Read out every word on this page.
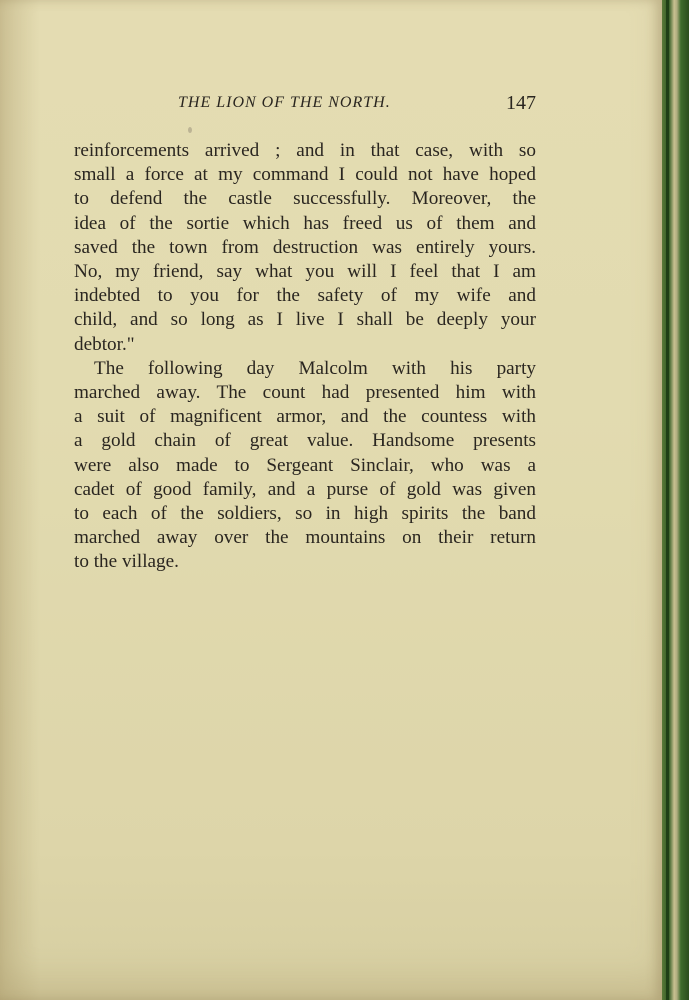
THE LION OF THE NORTH.	147
reinforcements arrived ; and in that case, with so
small a force at my command I could not have hoped
to defend the castle successfully. Moreover, the
idea of the sortie which has freed us of them and
saved the town from destruction was entirely yours.
No, my friend, say what you will I feel that I am
indebted to you for the safety of my wife and
child, and so long as I live I shall be deeply your
debtor."
The following day Malcolm with his party
marched away. The count had presented him with
a suit of magnificent armor, and the countess with
a gold chain of great value. Handsome presents
were also made to Sergeant Sinclair, who was a
cadet of good family, and a purse of gold was given
to each of the soldiers, so in high spirits the band
marched away over the mountains on their return
to the village.
